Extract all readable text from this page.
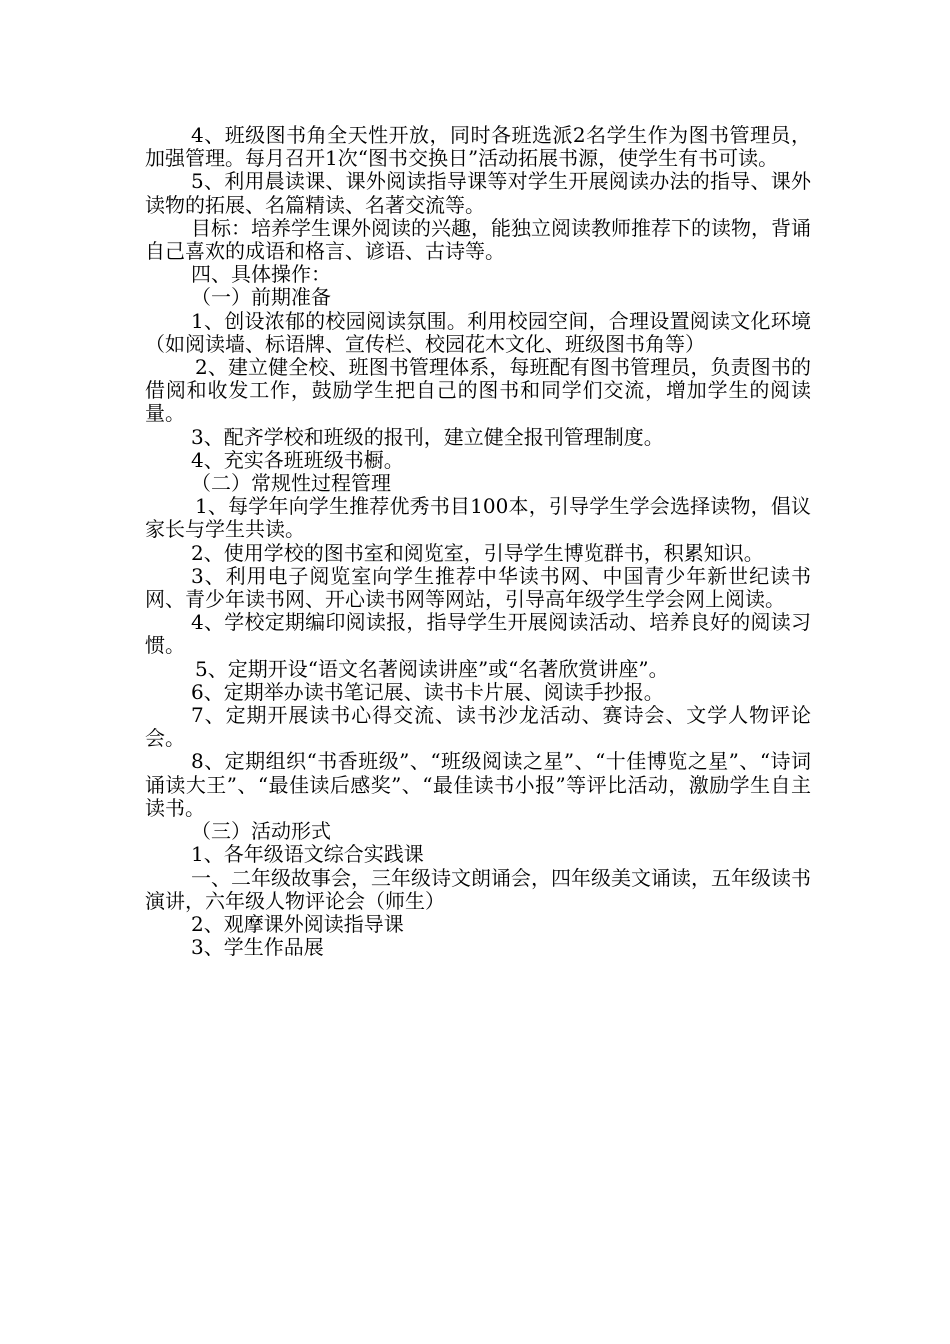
4、班级图书角全天性开放，同时各班选派2名学生作为图书管理员，加强管理。每月召开1次“图书交换日”活动拓展书源，使学生有书可读。

5、利用晨读课、课外阅读指导课等对学生开展阅读办法的指导、课外读物的拓展、名篇精读、名著交流等。

目标：培养学生课外阅读的兴趣，能独立阅读教师推荐下的读物，背诵自己喜欢的成语和格言、谚语、古诗等。

四、具体操作：

（一）前期准备

1、创设浓郁的校园阅读氛围。利用校园空间，合理设置阅读文化环境（如阅读墙、标语牌、宣传栏、校园花木文化、班级图书角等）

2、建立健全校、班图书管理体系，每班配有图书管理员，负责图书的借阅和收发工作，鼓励学生把自己的图书和同学们交流，增加学生的阅读量。

3、配齐学校和班级的报刊，建立健全报刊管理制度。

4、充实各班班级书橱。

（二）常规性过程管理

1、每学年向学生推荐优秀书目100本，引导学生学会选择读物，倡议家长与学生共读。

2、使用学校的图书室和阅览室，引导学生博览群书，积累知识。

3、利用电子阅览室向学生推荐中华读书网、中国青少年新世纪读书网、青少年读书网、开心读书网等网站，引导高年级学生学会网上阅读。

4、学校定期编印阅读报，指导学生开展阅读活动、培养良好的阅读习惯。

5、定期开设“语文名著阅读讲座”或“名著欣赏讲座”。

6、定期举办读书笔记展、读书卡片展、阅读手抄报。

7、定期开展读书心得交流、读书沙龙活动、赛诗会、文学人物评论会。

8、定期组织“书香班级”、“班级阅读之星”、“十佳博览之星”、“诗词诵读大王”、“最佳读后感奖”、“最佳读书小报”等评比活动，激励学生自主读书。

（三）活动形式

1、各年级语文综合实践课

一、二年级故事会，三年级诗文朗诵会，四年级美文诵读，五年级读书演讲，六年级人物评论会（师生）

2、观摩课外阅读指导课

3、学生作品展
